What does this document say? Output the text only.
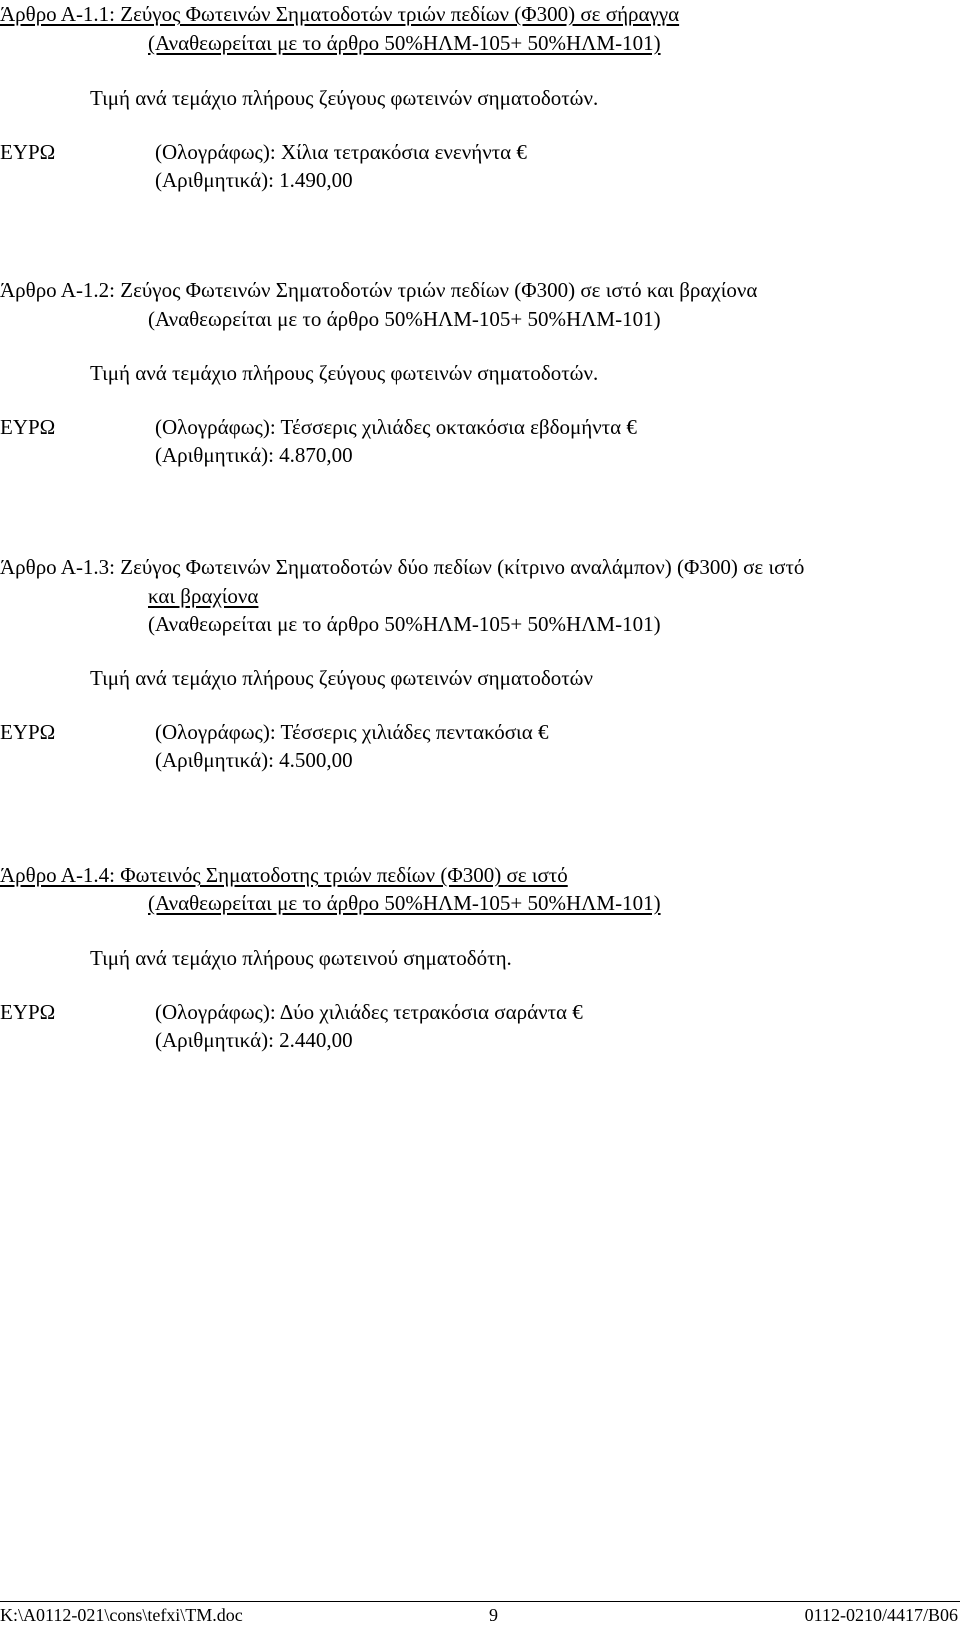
Άρθρο Α-1.1: Ζεύγος Φωτεινών Σηματοδοτών τριών πεδίων (Φ300) σε σήραγγα
(Αναθεωρείται με το άρθρο 50%ΗΛΜ-105+ 50%ΗΛΜ-101)
Τιμή ανά τεμάχιο πλήρους ζεύγους φωτεινών σηματοδοτών.
ΕΥΡΩ	(Ολογράφως): Χίλια τετρακόσια ενενήντα €
(Αριθμητικά): 1.490,00
Άρθρο Α-1.2: Ζεύγος Φωτεινών Σηματοδοτών τριών πεδίων (Φ300) σε ιστό και βραχίονα
(Αναθεωρείται με το άρθρο 50%ΗΛΜ-105+ 50%ΗΛΜ-101)
Τιμή ανά τεμάχιο πλήρους ζεύγους φωτεινών σηματοδοτών.
ΕΥΡΩ	(Ολογράφως): Τέσσερις χιλιάδες οκτακόσια εβδομήντα €
(Αριθμητικά): 4.870,00
Άρθρο Α-1.3: Ζεύγος Φωτεινών Σηματοδοτών δύο πεδίων (κίτρινο αναλάμπον) (Φ300) σε ιστό
και βραχίονα
(Αναθεωρείται με το άρθρο 50%ΗΛΜ-105+ 50%ΗΛΜ-101)
Τιμή ανά τεμάχιο πλήρους ζεύγους φωτεινών σηματοδοτών
ΕΥΡΩ	(Ολογράφως): Τέσσερις χιλιάδες πεντακόσια €
(Αριθμητικά): 4.500,00
Άρθρο Α-1.4: Φωτεινός Σηματοδοτης τριών πεδίων (Φ300) σε ιστό
(Αναθεωρείται με το άρθρο 50%ΗΛΜ-105+ 50%ΗΛΜ-101)
Τιμή ανά τεμάχιο πλήρους φωτεινού σηματοδότη.
ΕΥΡΩ	(Ολογράφως): Δύο χιλιάδες τετρακόσια σαράντα €
(Αριθμητικά): 2.440,00
K:\A0112-021\cons\tefxi\TM.doc	9	0112-0210/4417/B06
